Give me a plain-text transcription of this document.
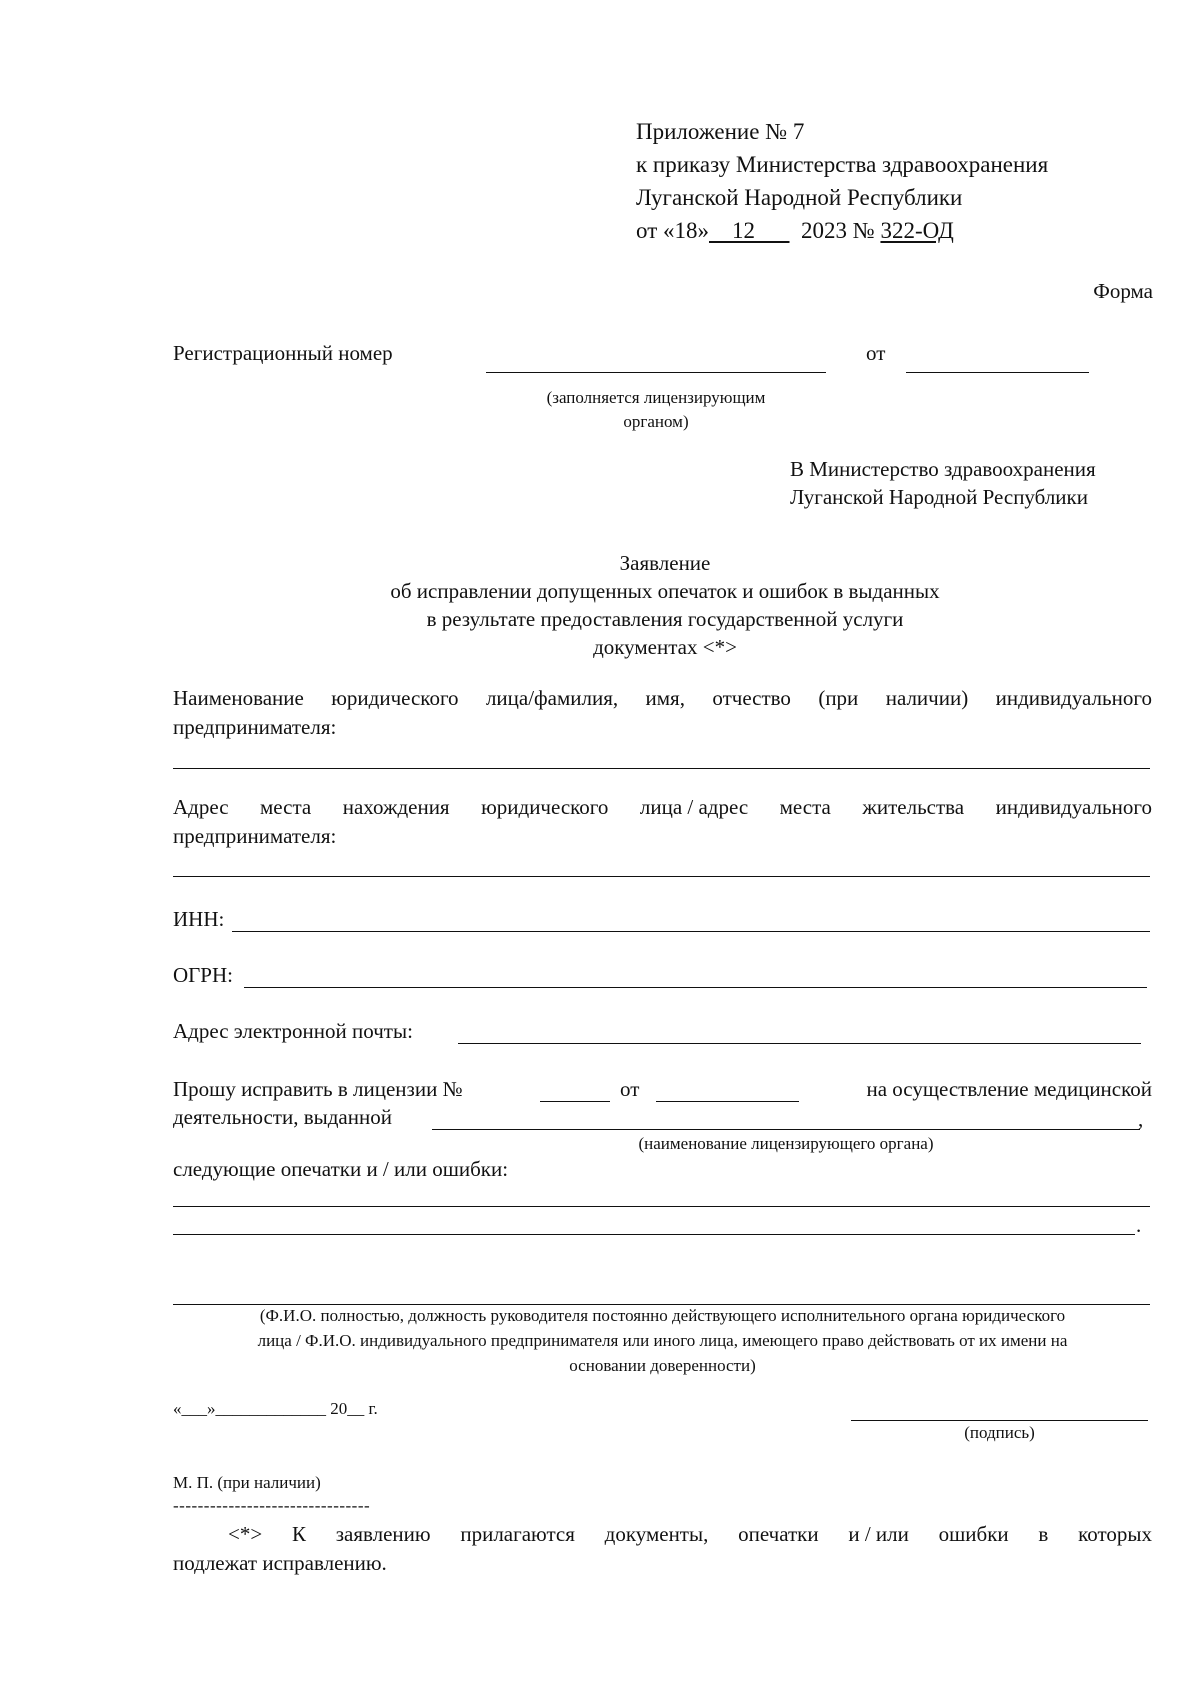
Приложение № 7
к приказу Министерства здравоохранения
Луганской Народной Республики
от «18» 12 2023 № 322-ОД
Форма
Регистрационный номер	от
(заполняется лицензирующим
органом)
В Министерство здравоохранения
Луганской Народной Республики
Заявление
об исправлении допущенных опечаток и ошибок в выданных
в результате предоставления государственной услуги
документах <*>
Наименование юридического лица/фамилия, имя, отчество (при наличии) индивидуального
предпринимателя:
Адрес места нахождения юридического лица / адрес места жительства индивидуального
предпринимателя:
ИНН:
ОГРН:
Адрес электронной почты:
Прошу исправить в лицензии №	от	на осуществление медицинской
деятельности, выданной	,
(наименование лицензирующего органа)
следующие опечатки и / или ошибки:
.
(Ф.И.О. полностью, должность руководителя постоянно действующего исполнительного органа юридического
лица / Ф.И.О. индивидуального предпринимателя или иного лица, имеющего право действовать от их имени на
основании доверенности)
«___»_____________ 20__ г.
(подпись)
М. П. (при наличии)
--------------------------------
<*> К заявлению прилагаются документы, опечатки и / или ошибки в которых
подлежат исправлению.
